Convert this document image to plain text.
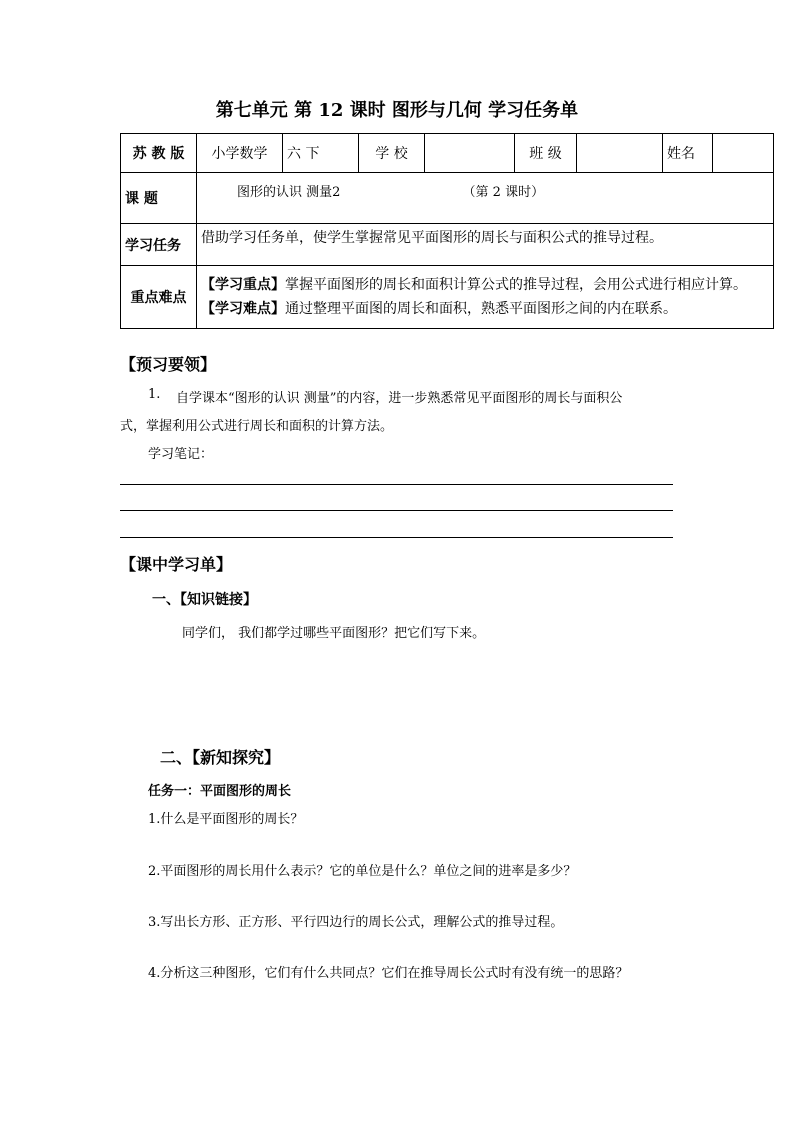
第七单元 第 12 课时 图形与几何 学习任务单
苏 教 版	小学数学	六 下	学 校		班 级		姓名	
课 题	图形的认识 测量2 （第 2 课时）							
学习任务	借助学习任务单，使学生掌握常见平面图形的周长与面积公式的推导过程。							
重点难点	【学习重点】掌握平面图形的周长和面积计算公式的推导过程，会用公式进行相应计算。
【学习难点】通过整理平面图的周长和面积，熟悉平面图形之间的内在联系。							
【预习要领】
1. 自学课本“图形的认识 测量”的内容，进一步熟悉常见平面图形的周长与面积公
式，掌握利用公式进行周长和面积的计算方法。
学习笔记：
【课中学习单】
一、【知识链接】
同学们， 我们都学过哪些平面图形？把它们写下来。
二、【新知探究】
任务一：平面图形的周长
1.什么是平面图形的周长？
2.平面图形的周长用什么表示？它的单位是什么？单位之间的进率是多少？
3.写出长方形、正方形、平行四边行的周长公式，理解公式的推导过程。
4.分析这三种图形，它们有什么共同点？它们在推导周长公式时有没有统一的思路？
